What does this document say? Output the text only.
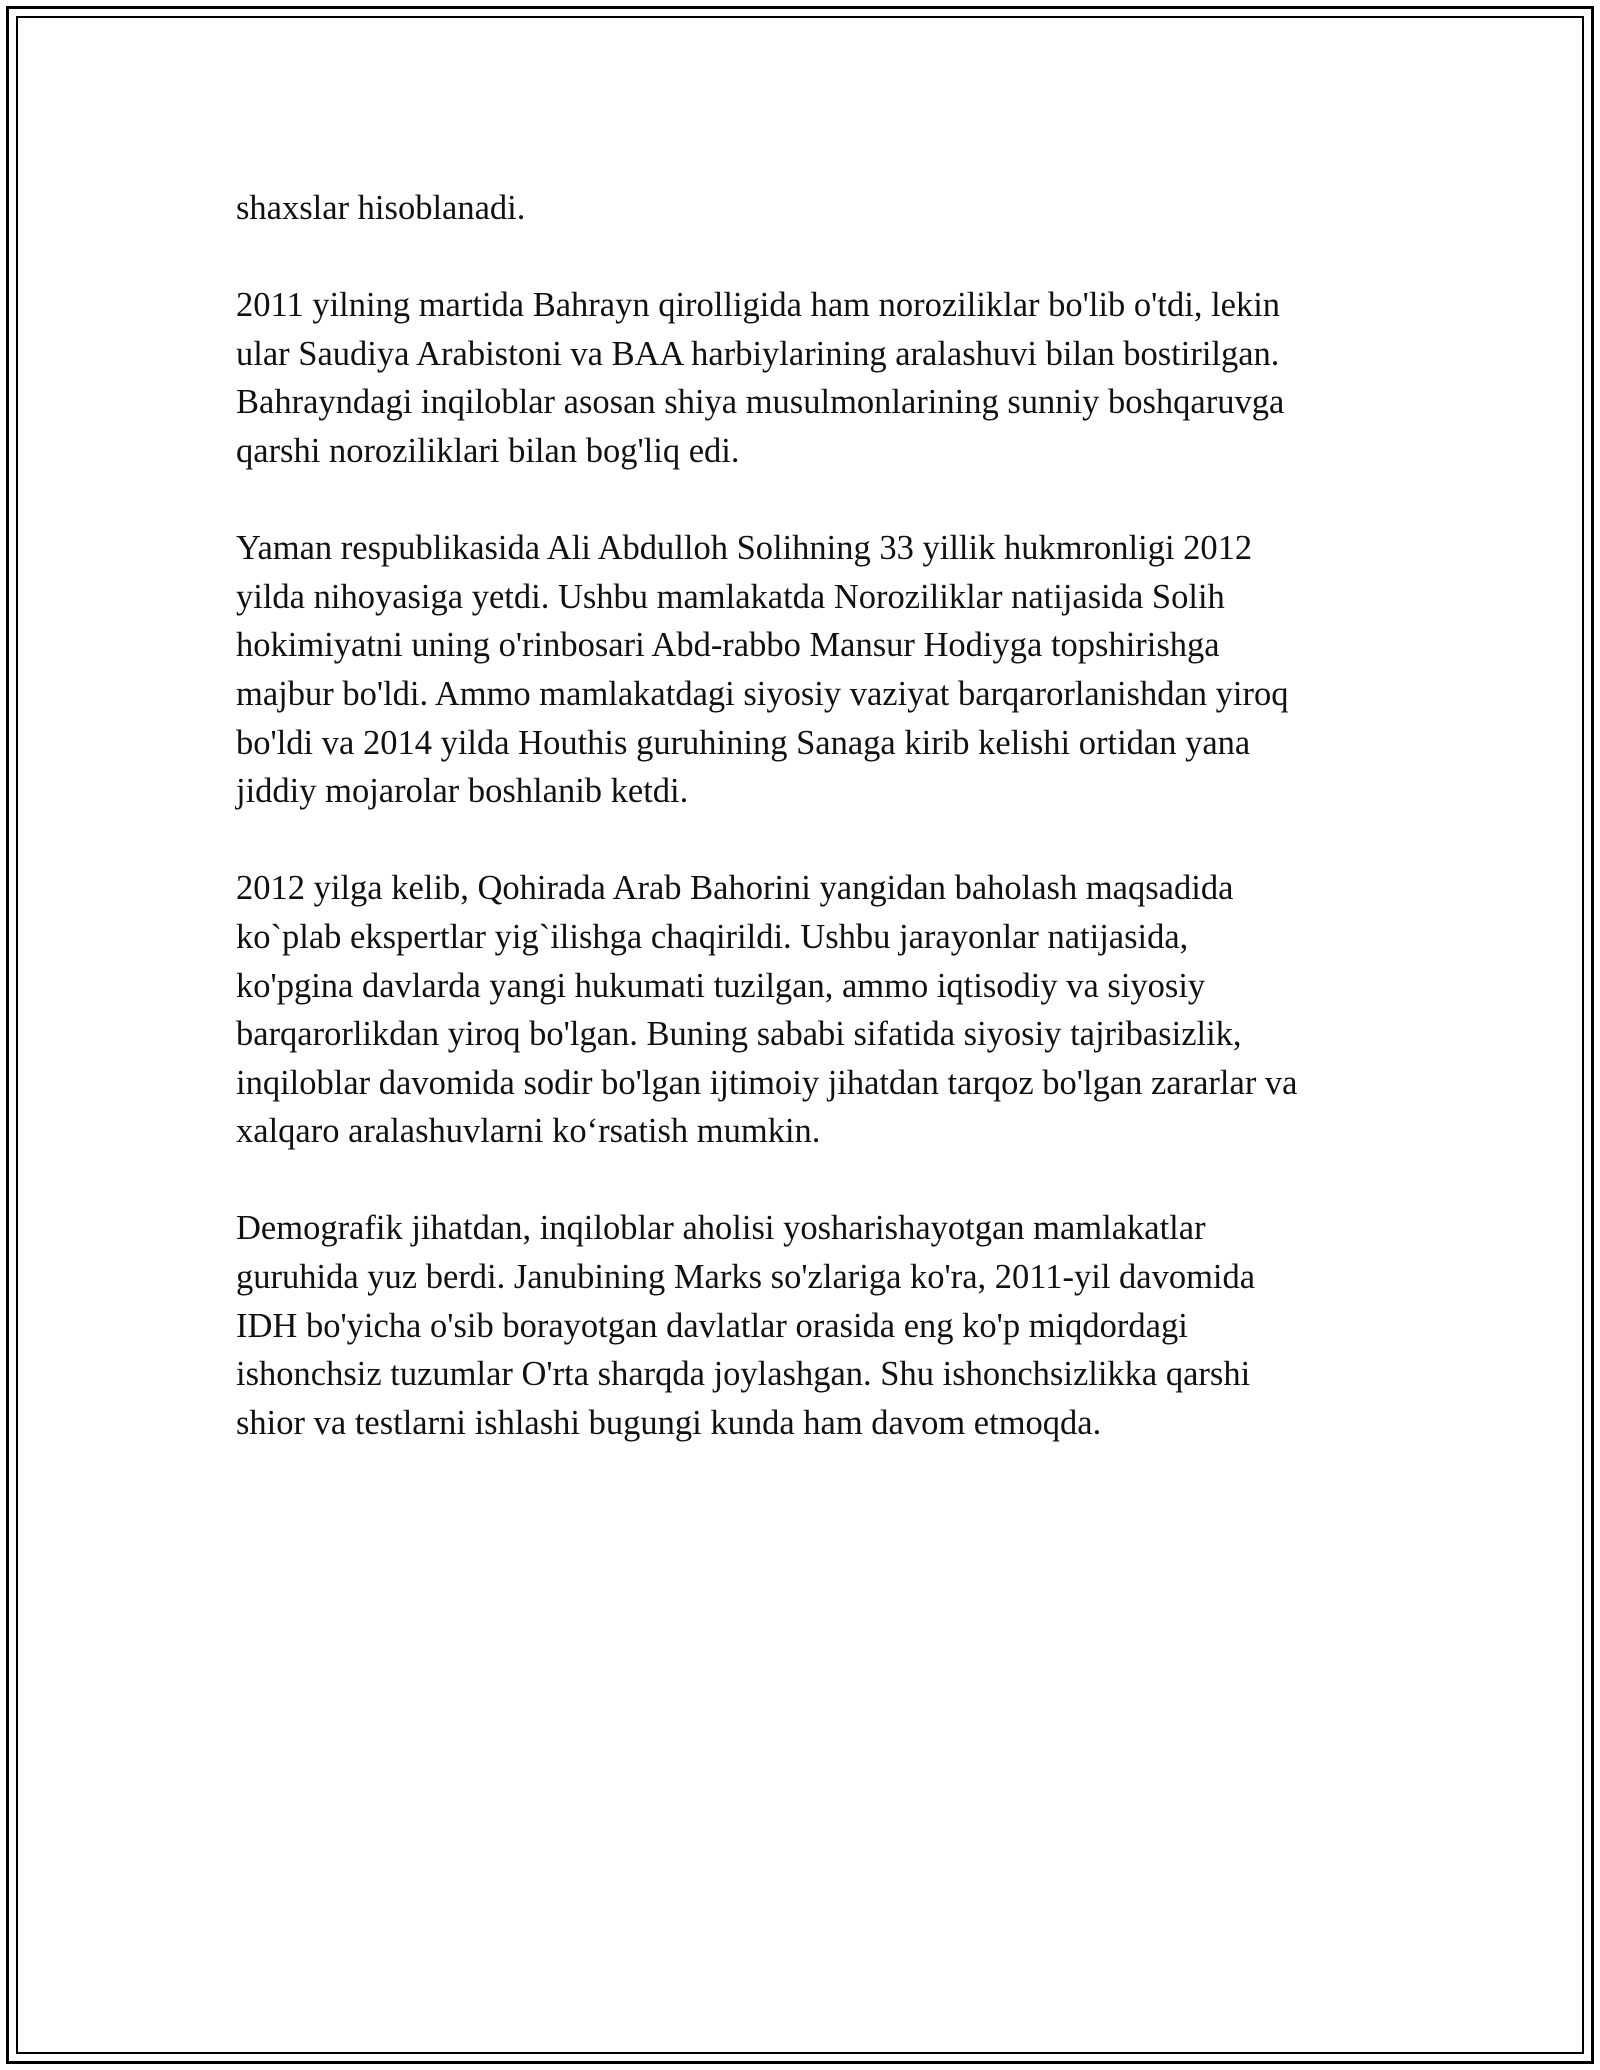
shaxslar hisoblanadi.

2011 yilning martida Bahrayn qirolligida ham noroziliklar bo'lib o'tdi, lekin
ular Saudiya Arabistoni va BAA harbiylarining aralashuvi bilan bostirilgan.
Bahrayndagi inqiloblar asosan shiya musulmonlarining sunniy boshqaruvga
qarshi noroziliklari bilan bog'liq edi.

Yaman respublikasida Ali Abdulloh Solihning 33 yillik hukmronligi 2012
yilda nihoyasiga yetdi. Ushbu mamlakatda Noroziliklar natijasida Solih
hokimiyatni uning o'rinbosari Abd-rabbo Mansur Hodiyga topshirishga
majbur bo'ldi. Ammo mamlakatdagi siyosiy vaziyat barqarorlanishdan yiroq
bo'ldi va 2014 yilda Houthis guruhining Sanaga kirib kelishi ortidan yana
jiddiy mojarolar boshlanib ketdi.

2012 yilga kelib, Qohirada Arab Bahorini yangidan baholash maqsadida
ko`plab ekspertlar yig`ilishga chaqirildi. Ushbu jarayonlar natijasida,
ko'pgina davlarda yangi hukumati tuzilgan, ammo iqtisodiy va siyosiy
barqarorlikdan yiroq bo'lgan. Buning sababi sifatida siyosiy tajribasizlik,
inqiloblar davomida sodir bo'lgan ijtimoiy jihatdan tarqoz bo'lgan zararlar va
xalqaro aralashuvlarni ko‘rsatish mumkin.

Demografik jihatdan, inqiloblar aholisi yosharishayotgan mamlakatlar
guruhida yuz berdi. Janubining Marks so'zlariga ko'ra, 2011-yil davomida
IDH bo'yicha o'sib borayotgan davlatlar orasida eng ko'p miqdordagi
ishonchsiz tuzumlar O'rta sharqda joylashgan. Shu ishonchsizlikka qarshi
shior va testlarni ishlashi bugungi kunda ham davom etmoqda.
